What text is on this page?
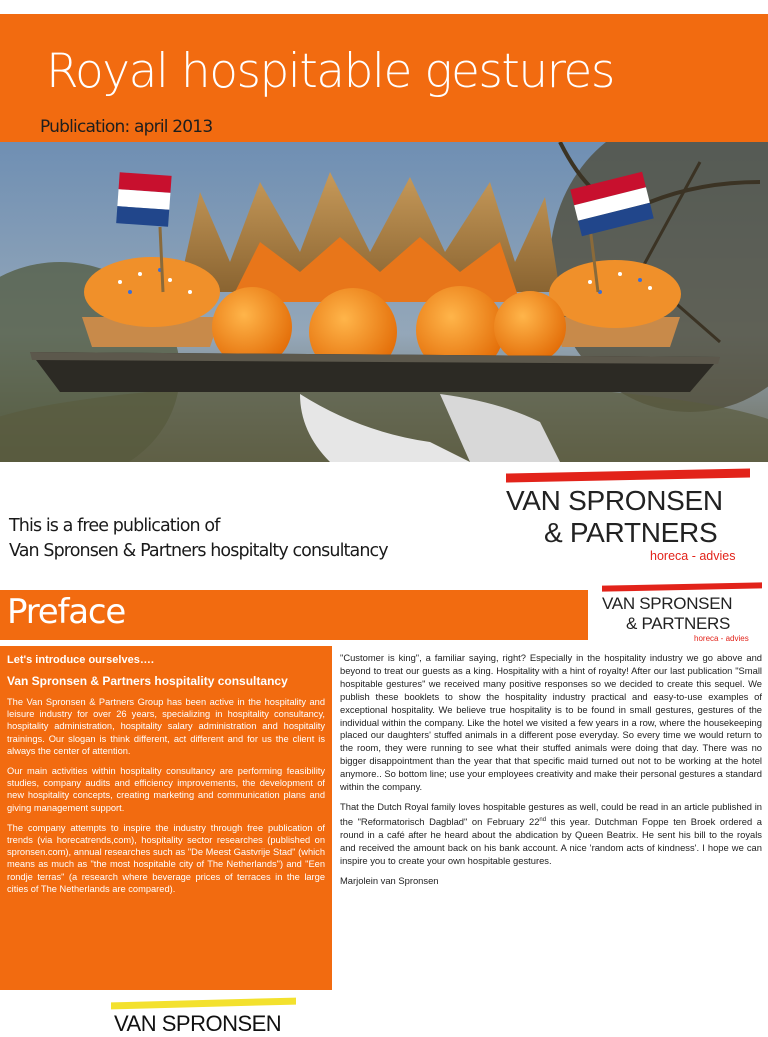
Royal hospitable gestures
Publication: april 2013
This is a free publication of
Van Spronsen & Partners hospitalty consultancy
VAN SPRONSEN
& PARTNERS
horeca - advies
Preface	VAN SPRONSEN
& PARTNERS
horeca - advies

Let's introduce ourselves….

Van Spronsen & Partners hospitality consultancy

The Van Spronsen & Partners Group has been active in the hospitality and leisure industry for over 26 years, specializing in hospitality consultancy, hospitality administration, hospitality salary administration and hospitality trainings. Our slogan is think different, act different and for us the client is always the center of attention.

Our main activities within hospitality consultancy are performing feasibility studies, company audits and efficiency improvements, the development of new hospitality concepts, creating marketing and communication plans and giving management support.

The company attempts to inspire the industry through free publication of trends (via horecatrends,com), hospitality sector researches (published on spronsen.com), annual researches such as "De Meest Gastvrije Stad" (which means as much as "the most hospitable city of The Netherlands") and "Een rondje terras" (a research where beverage prices of terraces in the large cities of The Netherlands are compared).

"Customer is king", a familiar saying, right? Especially in the hospitality industry we go above and beyond to treat our guests as a king. Hospitality with a hint of royalty! After our last publication "Small hospitable gestures" we received many positive responses so we decided to create this sequel. We publish these booklets to show the hospitality industry practical and easy-to-use examples of exceptional hospitality. We believe true hospitality is to be found in small gestures, gestures of the individual within the company. Like the hotel we visited a few years in a row, where the housekeeping placed our daughters' stuffed animals in a different pose everyday. So every time we would return to the room, they were running to see what their stuffed animals were doing that day. There was no bigger disappointment than the year that that specific maid turned out not to be working at the hotel anymore.. So bottom line; use your employees creativity and make their personal gestures a standard within the company.

That the Dutch Royal family loves hospitable gestures as well, could be read in an article published in the "Reformatorisch Dagblad" on February 22nd this year. Dutchman Foppe ten Broek ordered a round in a café after he heard about the abdication by Queen Beatrix. He sent his bill to the royals and received the amount back on his bank account. A nice 'random acts of kindness'. I hope we can inspire you to create your own hospitable gestures.

Marjolein van Spronsen

VAN SPRONSEN
